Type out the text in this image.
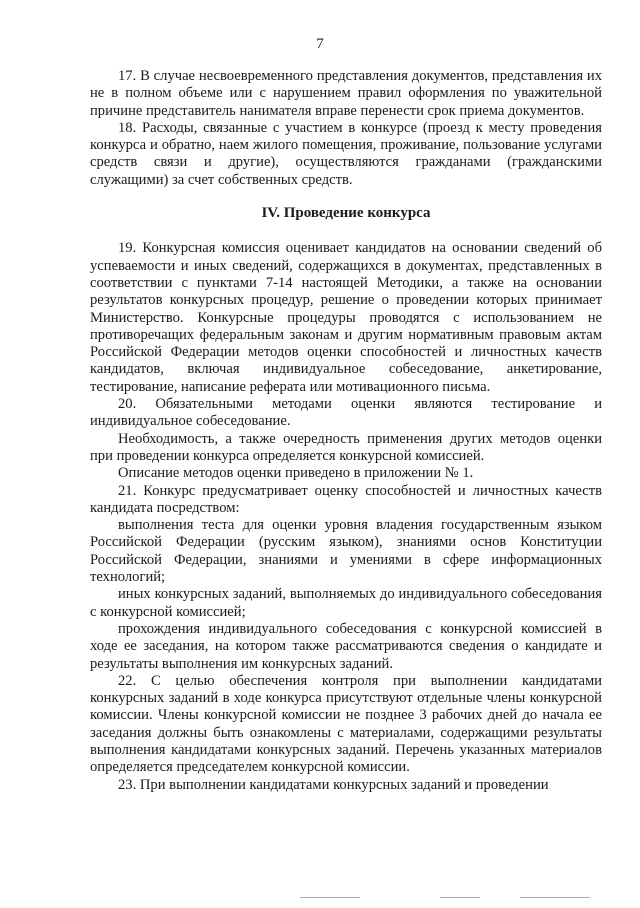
7

17. В случае несвоевременного представления документов, представления их не в полном объеме или с нарушением правил оформления по уважительной причине представитель нанимателя вправе перенести срок приема документов.

18. Расходы, связанные с участием в конкурсе (проезд к месту проведения конкурса и обратно, наем жилого помещения, проживание, пользование услугами средств связи и другие), осуществляются гражданами (гражданскими служащими) за счет собственных средств.

IV. Проведение конкурса

19. Конкурсная комиссия оценивает кандидатов на основании сведений об успеваемости и иных сведений, содержащихся в документах, представленных в соответствии с пунктами 7-14 настоящей Методики, а также на основании результатов конкурсных процедур, решение о проведении которых принимает Министерство. Конкурсные процедуры проводятся с использованием не противоречащих федеральным законам и другим нормативным правовым актам Российской Федерации методов оценки способностей и личностных качеств кандидатов, включая индивидуальное собеседование, анкетирование, тестирование, написание реферата или мотивационного письма.

20. Обязательными методами оценки являются тестирование и индивидуальное собеседование.

Необходимость, а также очередность применения других методов оценки при проведении конкурса определяется конкурсной комиссией.

Описание методов оценки приведено в приложении № 1.

21. Конкурс предусматривает оценку способностей и личностных качеств кандидата посредством:

выполнения теста для оценки уровня владения государственным языком Российской Федерации (русским языком), знаниями основ Конституции Российской Федерации, знаниями и умениями в сфере информационных технологий;

иных конкурсных заданий, выполняемых до индивидуального собеседования с конкурсной комиссией;

прохождения индивидуального собеседования с конкурсной комиссией в ходе ее заседания, на котором также рассматриваются сведения о кандидате и результаты выполнения им конкурсных заданий.

22. С целью обеспечения контроля при выполнении кандидатами конкурсных заданий в ходе конкурса присутствуют отдельные члены конкурсной комиссии. Члены конкурсной комиссии не позднее 3 рабочих дней до начала ее заседания должны быть ознакомлены с материалами, содержащими результаты выполнения кандидатами конкурсных заданий. Перечень указанных материалов определяется председателем конкурсной комиссии.

23. При выполнении кандидатами конкурсных заданий и проведении
